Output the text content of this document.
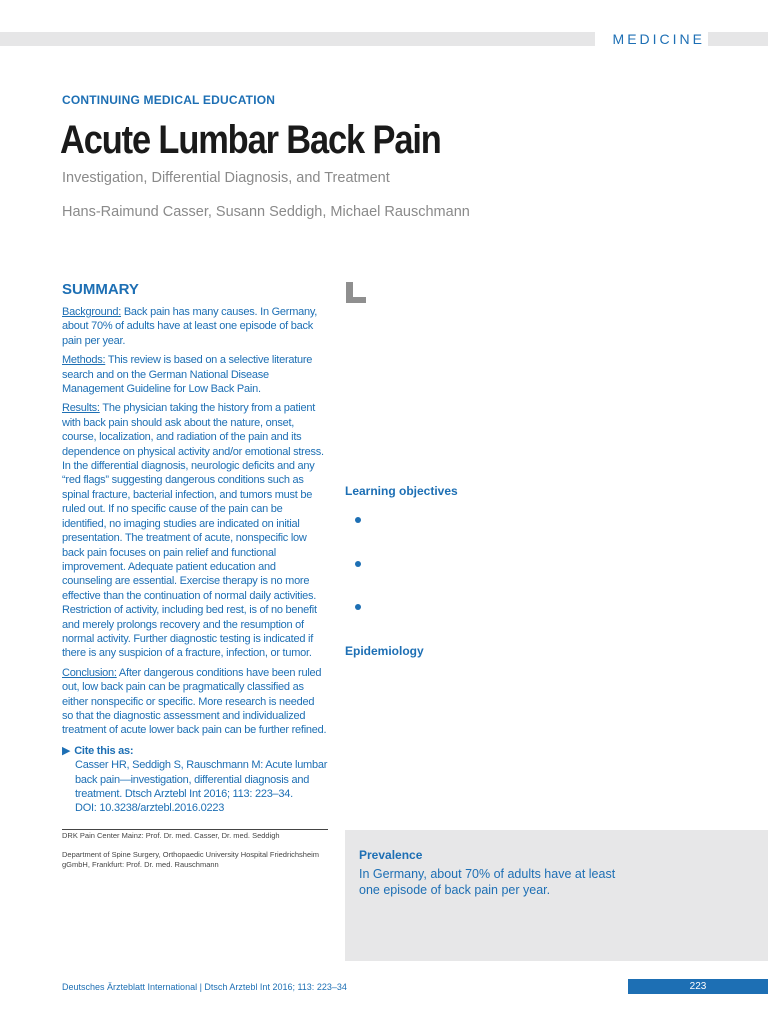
MEDICINE
CONTINUING MEDICAL EDUCATION
Acute Lumbar Back Pain
Investigation, Differential Diagnosis, and Treatment
Hans-Raimund Casser, Susann Seddigh, Michael Rauschmann
SUMMARY

Background: Back pain has many causes. In Germany, about 70% of adults have at least one episode of back pain per year.

Methods: This review is based on a selective literature search and on the German National Disease Management Guideline for Low Back Pain.

Results: The physician taking the history from a patient with back pain should ask about the nature, onset, course, localization, and radiation of the pain and its dependence on physical activity and/or emotional stress. In the differential diagnosis, neurologic deficits and any “red flags” suggesting dangerous conditions such as spinal fracture, bacterial infection, and tumors must be ruled out. If no specific cause of the pain can be identified, no imaging studies are indicated on initial presentation. The treatment of acute, nonspecific low back pain focuses on pain relief and functional improvement. Adequate patient education and counseling are essential. Exercise therapy is no more effective than the continuation of normal daily activities. Restriction of activity, including bed rest, is of no benefit and merely prolongs recovery and the resumption of normal activity. Further diagnostic testing is indicated if there is any suspicion of a fracture, infection, or tumor.

Conclusion: After dangerous conditions have been ruled out, low back pain can be pragmatically classified as either nonspecific or specific. More research is needed so that the diagnostic assessment and individualized treatment of acute lower back pain can be further refined.

▶ Cite this as:
Casser HR, Seddigh S, Rauschmann M: Acute lumbar
back pain—investigation, differential diagnosis and
treatment. Dtsch Arztebl Int 2016; 113: 223–34.
DOI: 10.3238/arztebl.2016.0223
Learning objectives
Epidemiology
DRK Pain Center Mainz: Prof. Dr. med. Casser, Dr. med. Seddigh
Department of Spine Surgery, Orthopaedic University Hospital Friedrichsheim gGmbH, Frankfurt: Prof. Dr. med. Rauschmann
Prevalence
In Germany, about 70% of adults have at least one episode of back pain per year.
Deutsches Ärzteblatt International | Dtsch Arztebl Int 2016; 113: 223–34	223
